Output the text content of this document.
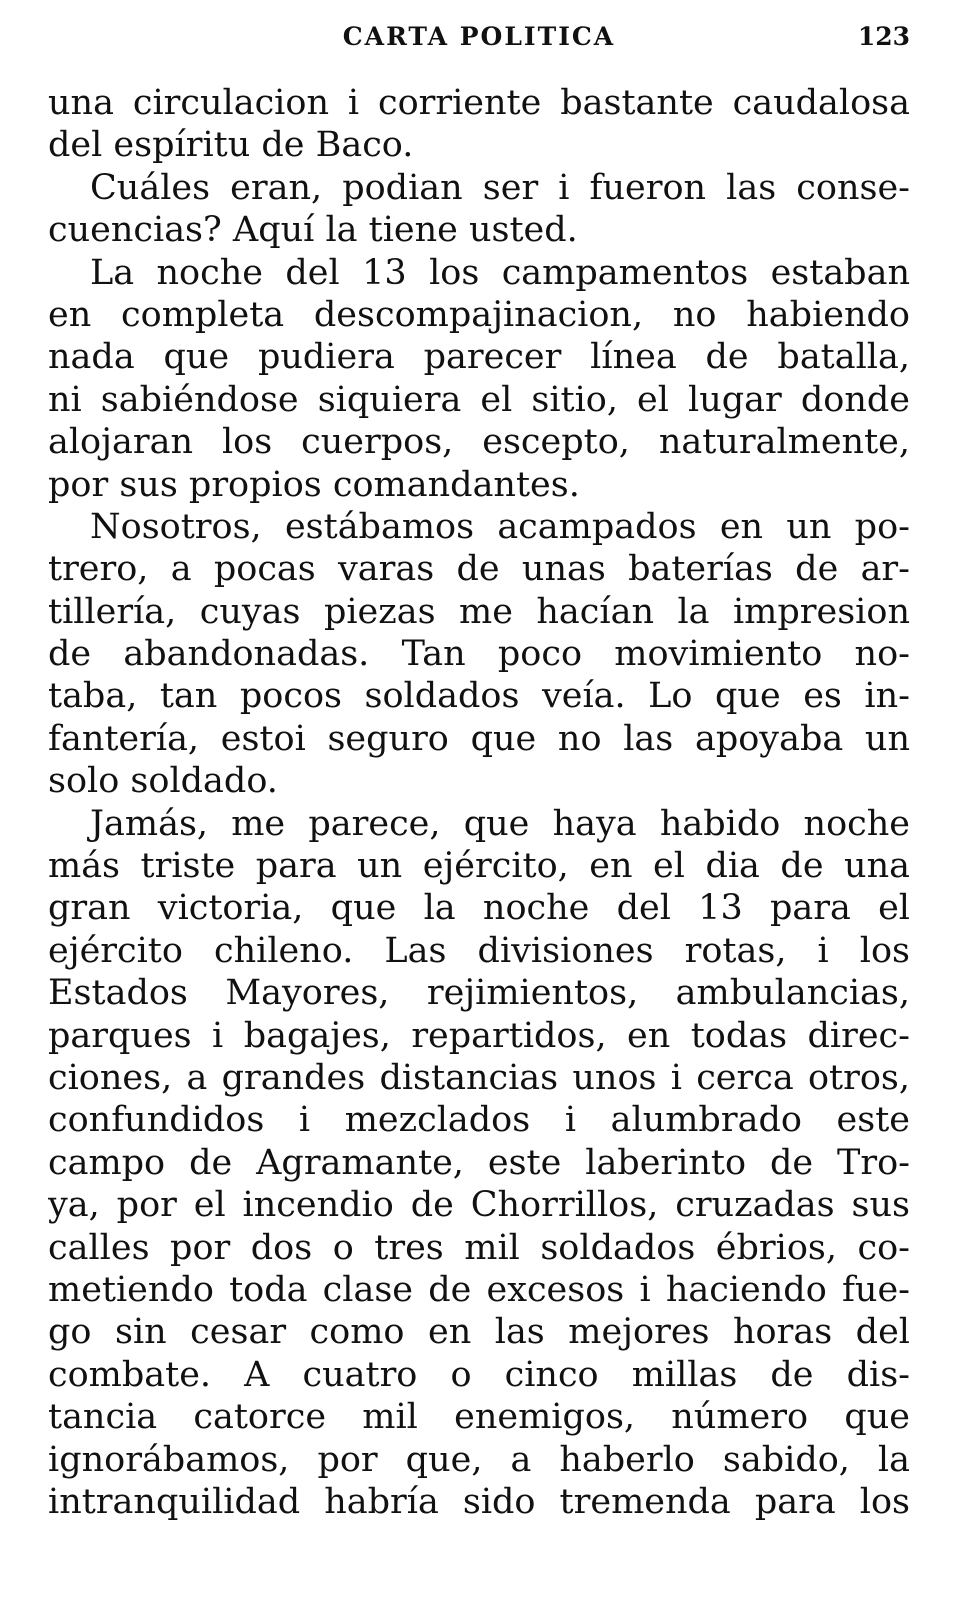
CARTA POLITICA	123
una circulacion i corriente bastante caudalosa
del espíritu de Baco.
Cuáles eran, podian ser i fueron las conse-
cuencias? Aquí la tiene usted.
La noche del 13 los campamentos estaban
en completa descompajinacion, no habiendo
nada que pudiera parecer línea de batalla,
ni sabiéndose siquiera el sitio, el lugar donde
alojaran los cuerpos, escepto, naturalmente,
por sus propios comandantes.
Nosotros, estábamos acampados en un po-
trero, a pocas varas de unas baterías de ar-
tillería, cuyas piezas me hacían la impresion
de abandonadas. Tan poco movimiento no-
taba, tan pocos soldados veía. Lo que es in-
fantería, estoi seguro que no las apoyaba un
solo soldado.
Jamás, me parece, que haya habido noche
más triste para un ejército, en el dia de una
gran victoria, que la noche del 13 para el
ejército chileno. Las divisiones rotas, i los
Estados Mayores, rejimientos, ambulancias,
parques i bagajes, repartidos, en todas direc-
ciones, a grandes distancias unos i cerca otros,
confundidos i mezclados i alumbrado este
campo de Agramante, este laberinto de Tro-
ya, por el incendio de Chorrillos, cruzadas sus
calles por dos o tres mil soldados ébrios, co-
metiendo toda clase de excesos i haciendo fue-
go sin cesar como en las mejores horas del
combate. A cuatro o cinco millas de dis-
tancia catorce mil enemigos, número que
ignorábamos, por que, a haberlo sabido, la
intranquilidad habría sido tremenda para los
